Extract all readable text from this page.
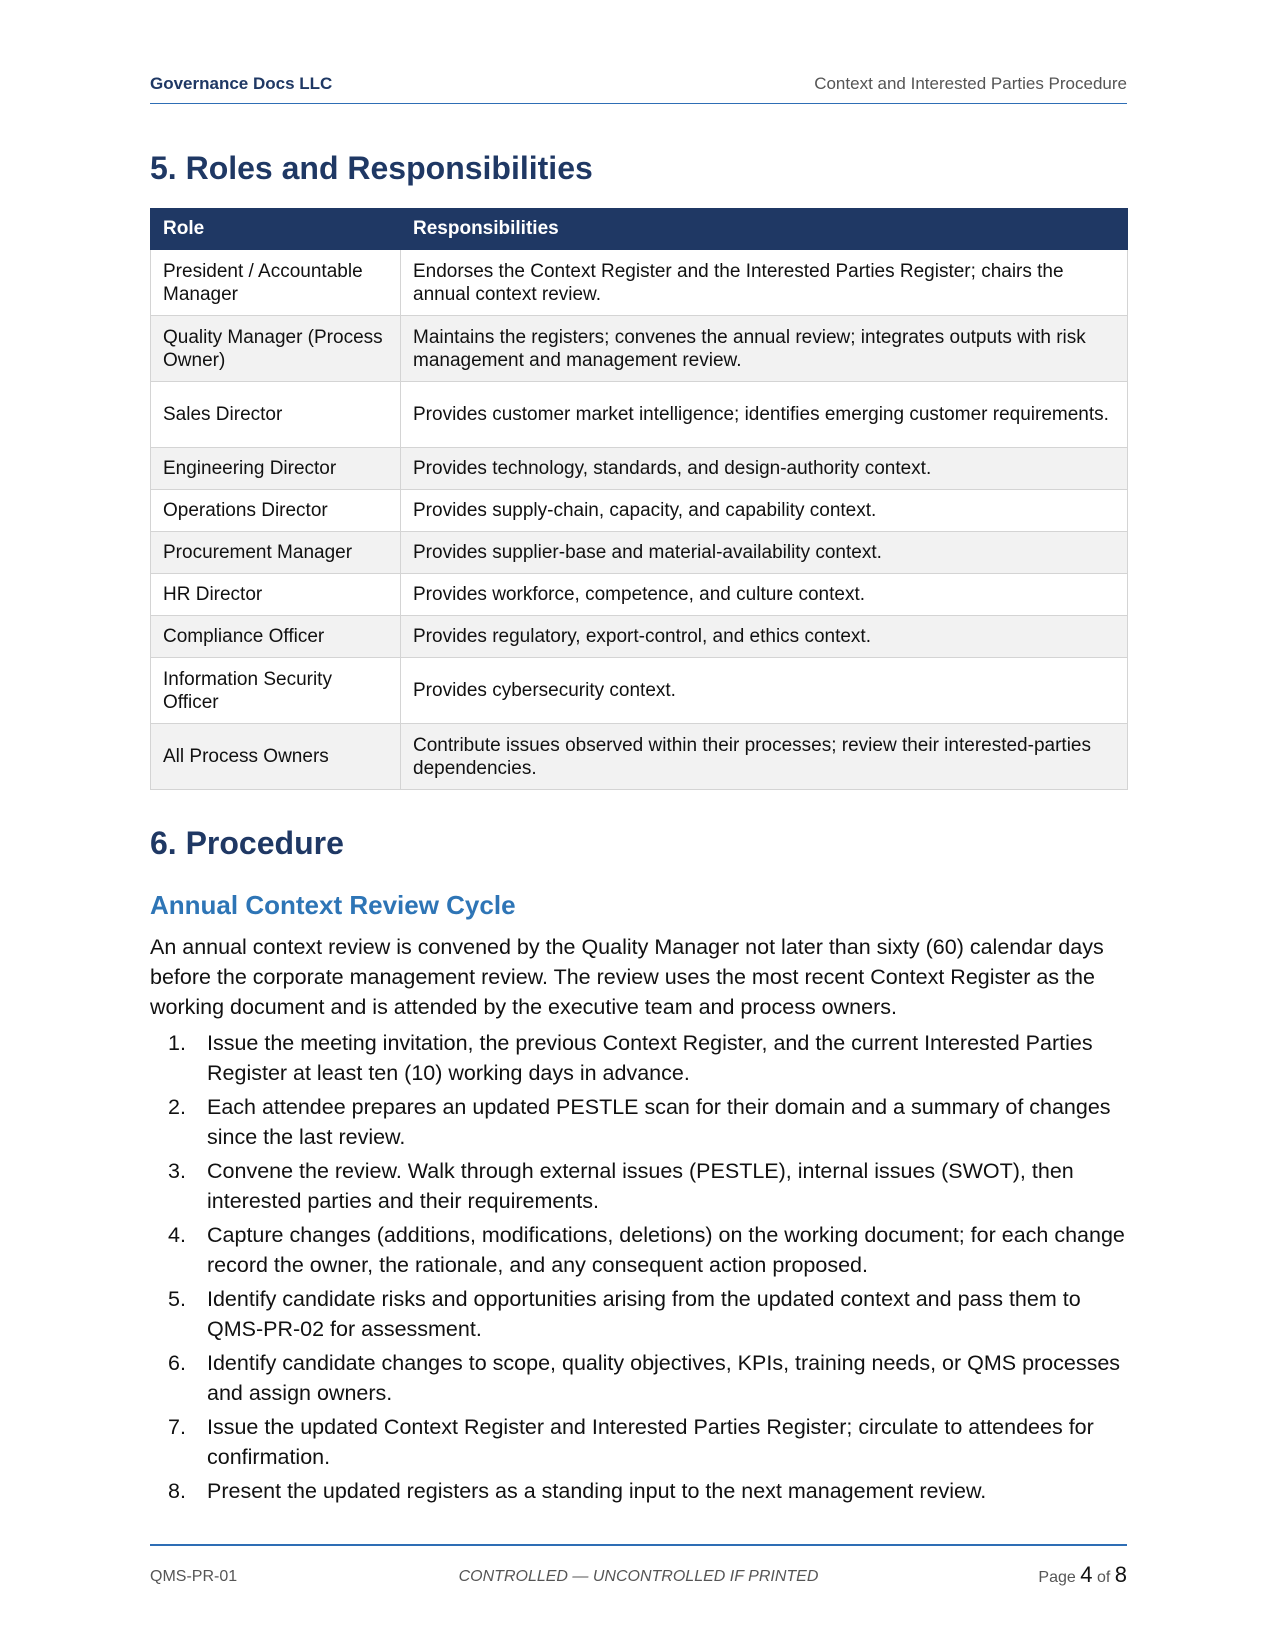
Governance Docs LLC	Context and Interested Parties Procedure
5. Roles and Responsibilities
Role	Responsibilities
President / Accountable Manager	Endorses the Context Register and the Interested Parties Register; chairs the annual context review.
Quality Manager (Process Owner)	Maintains the registers; convenes the annual review; integrates outputs with risk management and management review.
Sales Director	Provides customer market intelligence; identifies emerging customer requirements.
Engineering Director	Provides technology, standards, and design-authority context.
Operations Director	Provides supply-chain, capacity, and capability context.
Procurement Manager	Provides supplier-base and material-availability context.
HR Director	Provides workforce, competence, and culture context.
Compliance Officer	Provides regulatory, export-control, and ethics context.
Information Security Officer	Provides cybersecurity context.
All Process Owners	Contribute issues observed within their processes; review their interested-parties dependencies.
6. Procedure
Annual Context Review Cycle

An annual context review is convened by the Quality Manager not later than sixty (60) calendar days before the corporate management review. The review uses the most recent Context Register as the working document and is attended by the executive team and process owners.

1. Issue the meeting invitation, the previous Context Register, and the current Interested Parties Register at least ten (10) working days in advance.
2. Each attendee prepares an updated PESTLE scan for their domain and a summary of changes since the last review.
3. Convene the review. Walk through external issues (PESTLE), internal issues (SWOT), then interested parties and their requirements.
4. Capture changes (additions, modifications, deletions) on the working document; for each change record the owner, the rationale, and any consequent action proposed.
5. Identify candidate risks and opportunities arising from the updated context and pass them to QMS-PR-02 for assessment.
6. Identify candidate changes to scope, quality objectives, KPIs, training needs, or QMS processes and assign owners.
7. Issue the updated Context Register and Interested Parties Register; circulate to attendees for confirmation.
8. Present the updated registers as a standing input to the next management review.
QMS-PR-01	CONTROLLED — UNCONTROLLED IF PRINTED	Page 4 of 8
